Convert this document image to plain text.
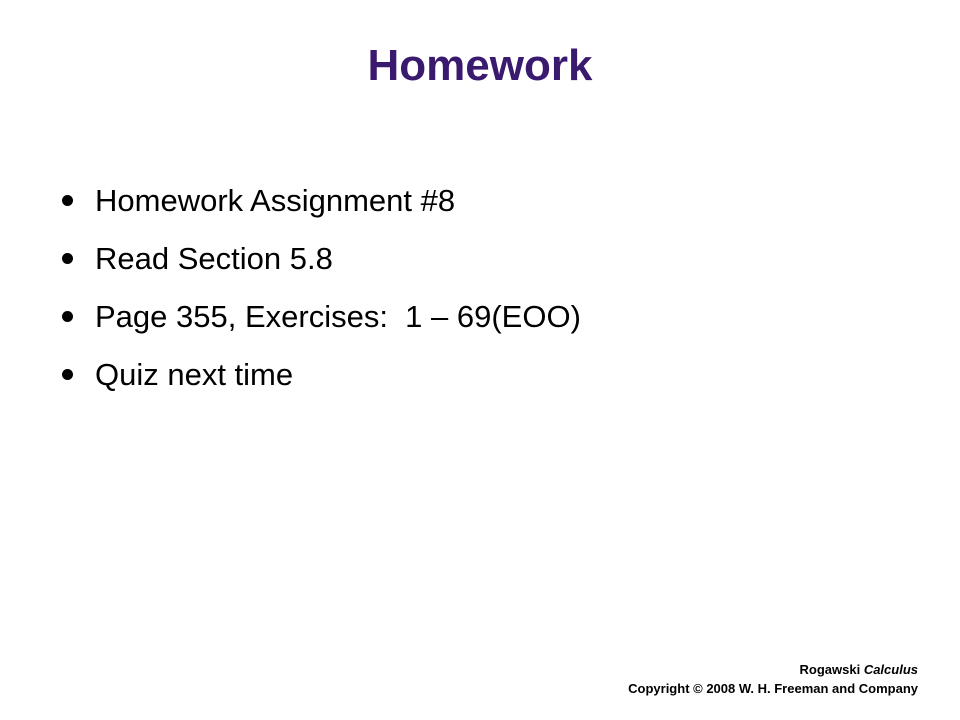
Homework
Homework Assignment #8
Read Section 5.8
Page 355, Exercises:  1 – 69(EOO)
Quiz next time
Rogawski Calculus
Copyright © 2008 W. H. Freeman and Company
